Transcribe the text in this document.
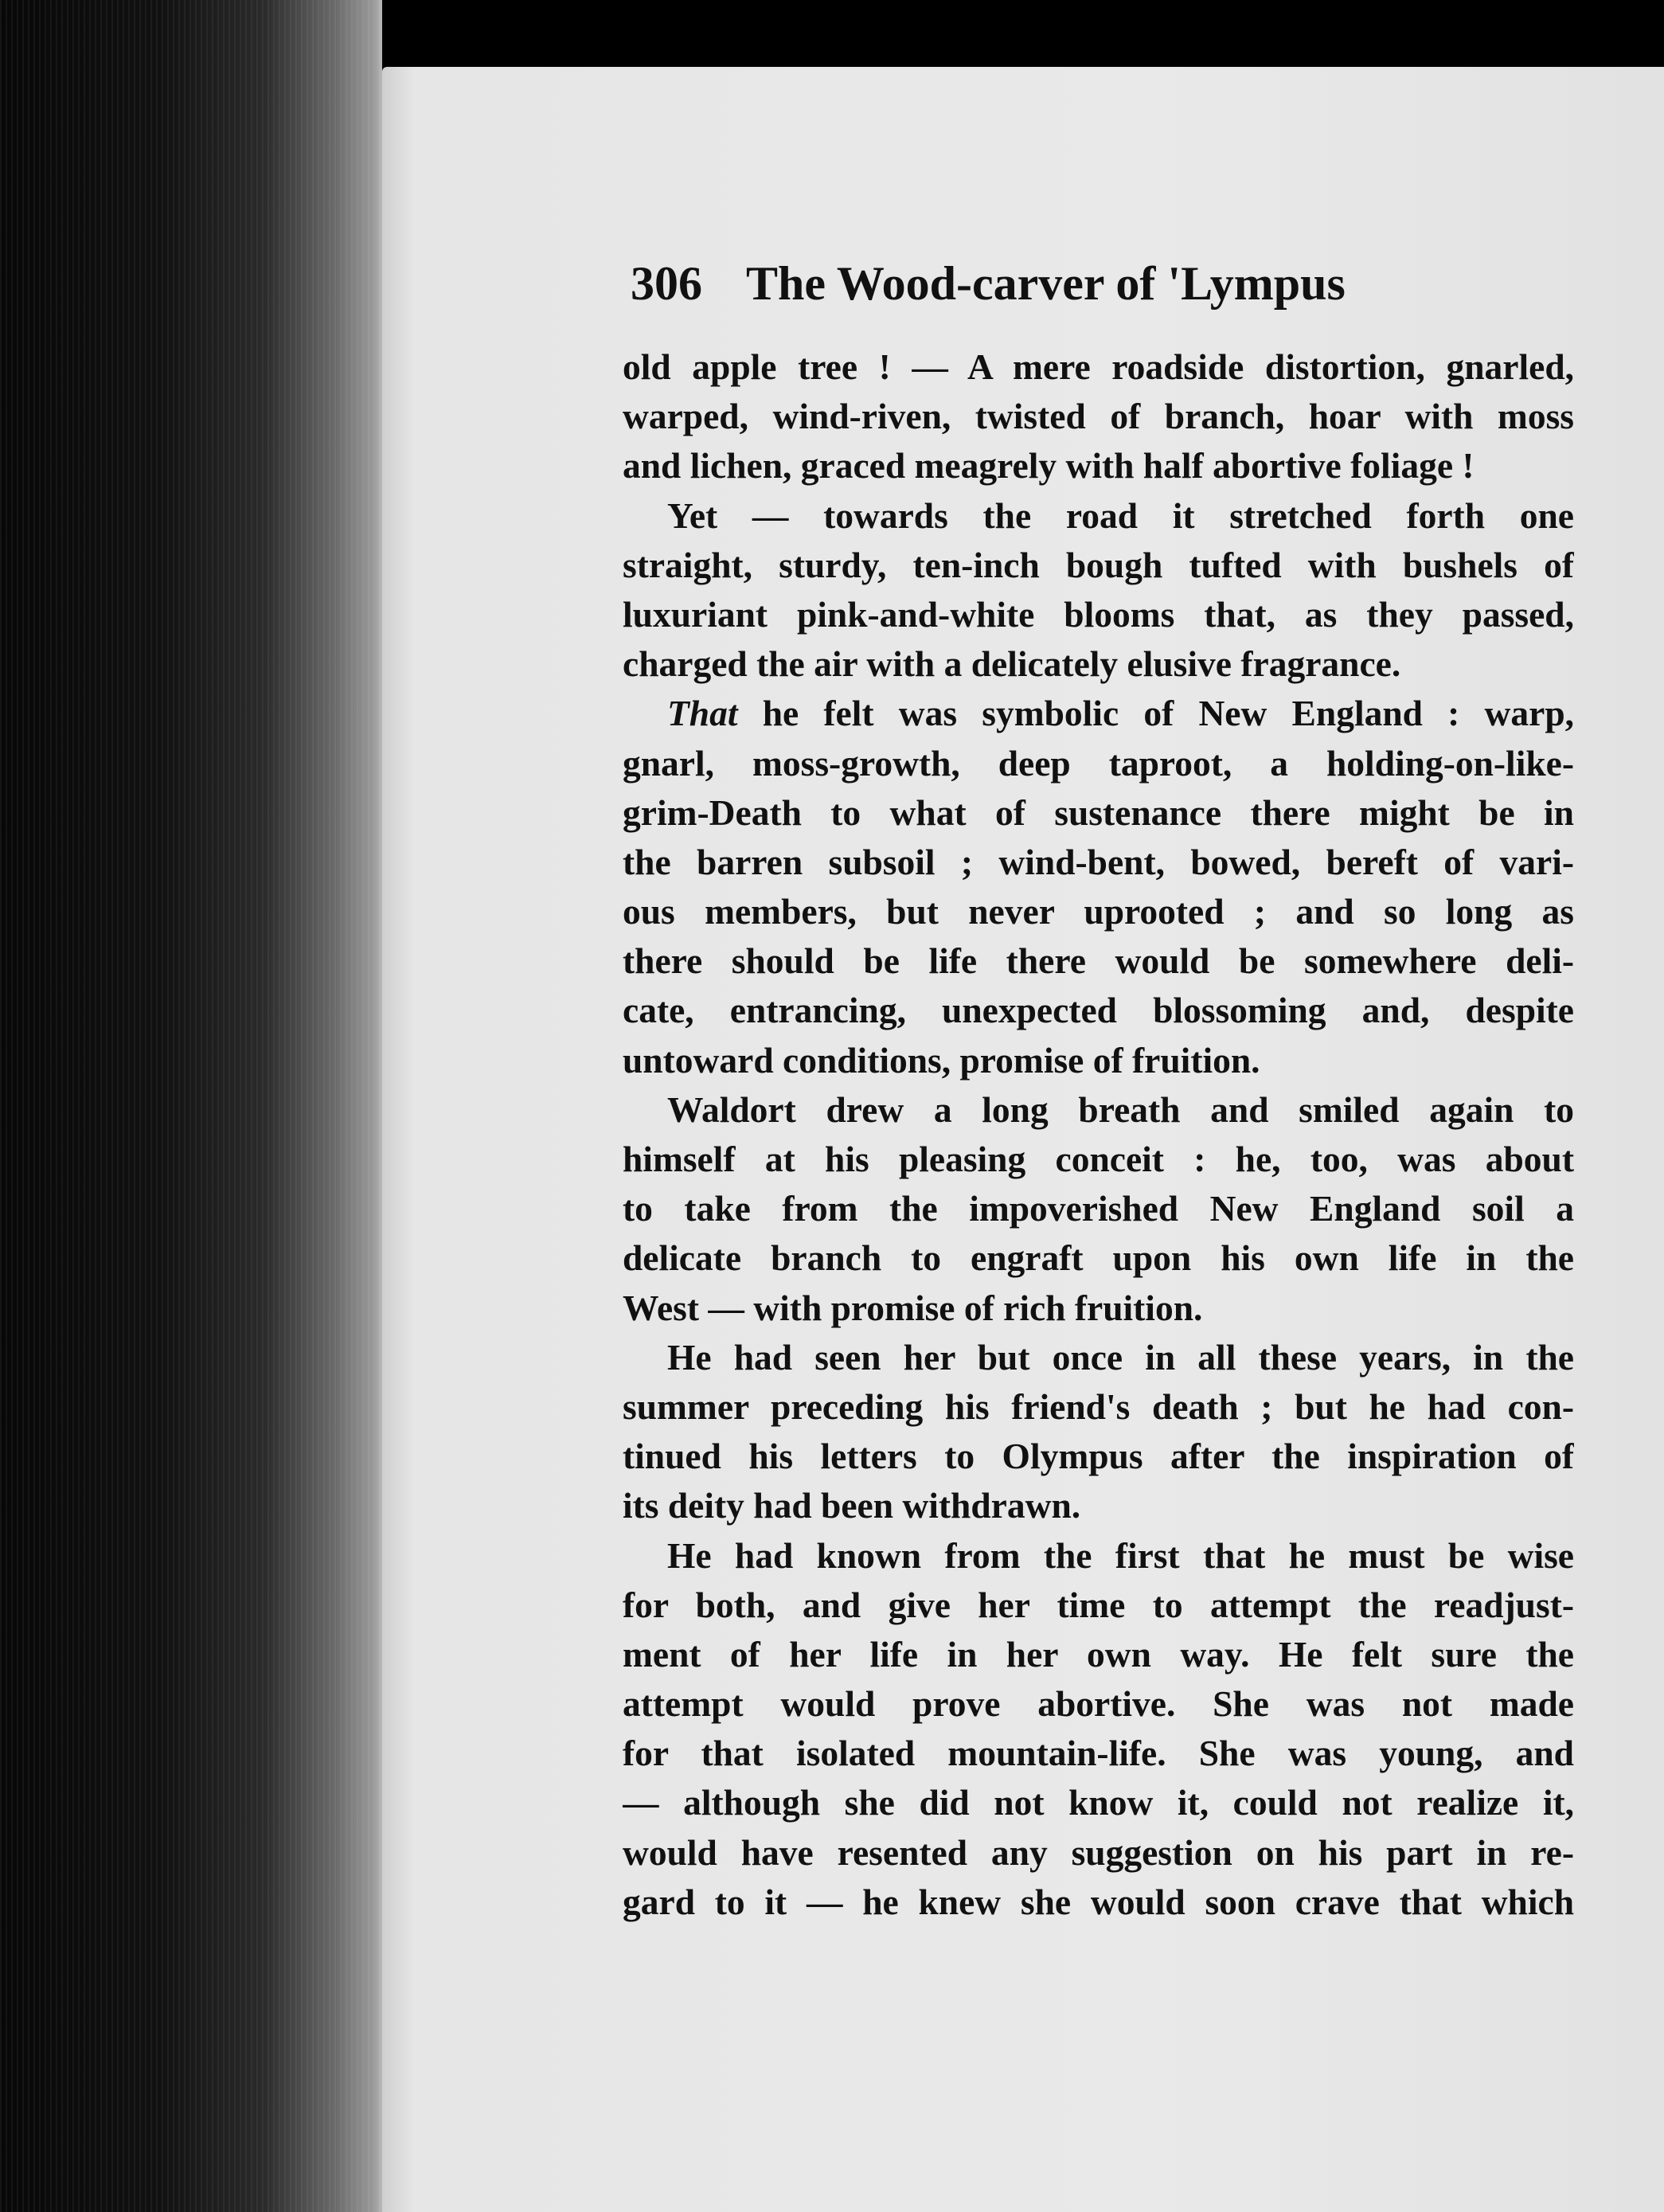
306 The Wood-carver of 'Lympus
old apple tree ! — A mere roadside distortion, gnarled,
warped, wind-riven, twisted of branch, hoar with moss
and lichen, graced meagrely with half abortive foliage !
Yet — towards the road it stretched forth one
straight, sturdy, ten-inch bough tufted with bushels of
luxuriant pink-and-white blooms that, as they passed,
charged the air with a delicately elusive fragrance.
That he felt was symbolic of New England : warp,
gnarl, moss-growth, deep taproot, a holding-on-like-
grim-Death to what of sustenance there might be in
the barren subsoil ; wind-bent, bowed, bereft of vari-
ous members, but never uprooted ; and so long as
there should be life there would be somewhere deli-
cate, entrancing, unexpected blossoming and, despite
untoward conditions, promise of fruition.
Waldort drew a long breath and smiled again to
himself at his pleasing conceit : he, too, was about
to take from the impoverished New England soil a
delicate branch to engraft upon his own life in the
West — with promise of rich fruition.
He had seen her but once in all these years, in the
summer preceding his friend's death ; but he had con-
tinued his letters to Olympus after the inspiration of
its deity had been withdrawn.
He had known from the first that he must be wise
for both, and give her time to attempt the readjust-
ment of her life in her own way. He felt sure the
attempt would prove abortive. She was not made
for that isolated mountain-life. She was young, and
— although she did not know it, could not realize it,
would have resented any suggestion on his part in re-
gard to it — he knew she would soon crave that which
